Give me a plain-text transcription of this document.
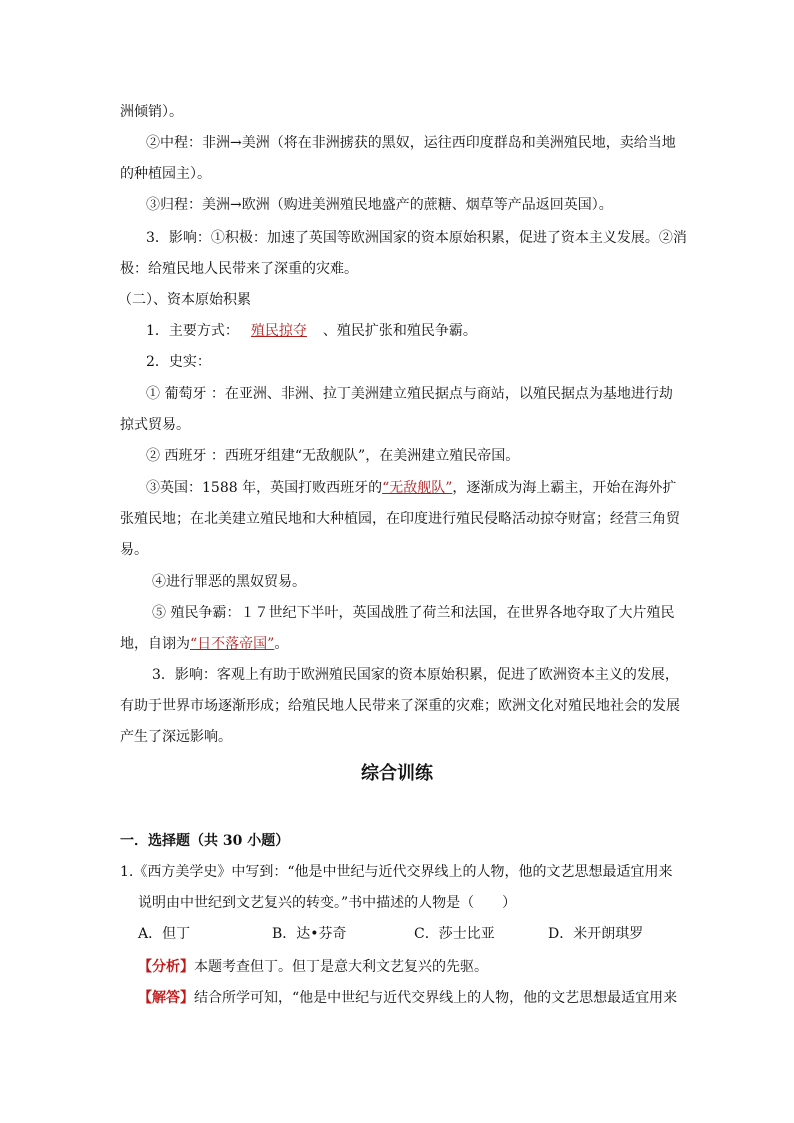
洲倾销）。
②中程：非洲→美洲（将在非洲掳获的黑奴，运往西印度群岛和美洲殖民地，卖给当地
的种植园主）。
③归程：美洲→欧洲（购进美洲殖民地盛产的蔗糖、烟草等产品返回英国）。
3．影响：①积极：加速了英国等欧洲国家的资本原始积累，促进了资本主义发展。②消
极：给殖民地人民带来了深重的灾难。
（二）、资本原始积累
1．主要方式： 殖民掠夺 、殖民扩张和殖民争霸。
2．史实：
① 葡萄牙 ：在亚洲、非洲、拉丁美洲建立殖民据点与商站，以殖民据点为基地进行劫
掠式贸易。
② 西班牙 ：西班牙组建“无敌舰队”，在美洲建立殖民帝国。
③英国：1588 年，英国打败西班牙的“无敌舰队”，逐渐成为海上霸主，开始在海外扩
张殖民地；在北美建立殖民地和大种植园，在印度进行殖民侵略活动掠夺财富；经营三角贸
易。
④进行罪恶的黑奴贸易。
⑤ 殖民争霸：１７世纪下半叶，英国战胜了荷兰和法国，在世界各地夺取了大片殖民
地，自诩为“日不落帝国”。
3．影响：客观上有助于欧洲殖民国家的资本原始积累，促进了欧洲资本主义的发展，
有助于世界市场逐渐形成；给殖民地人民带来了深重的灾难；欧洲文化对殖民地社会的发展
产生了深远影响。
综合训练
一．选择题（共 30 小题）
1.《西方美学史》中写到：“他是中世纪与近代交界线上的人物，他的文艺思想最适宜用来
说明由中世纪到文艺复兴的转变。”书中描述的人物是（　　）
A．但丁	B．达•芬奇	C．莎士比亚	D．米开朗琪罗
【分析】本题考查但丁。但丁是意大利文艺复兴的先驱。
【解答】结合所学可知，“他是中世纪与近代交界线上的人物，他的文艺思想最适宜用来
